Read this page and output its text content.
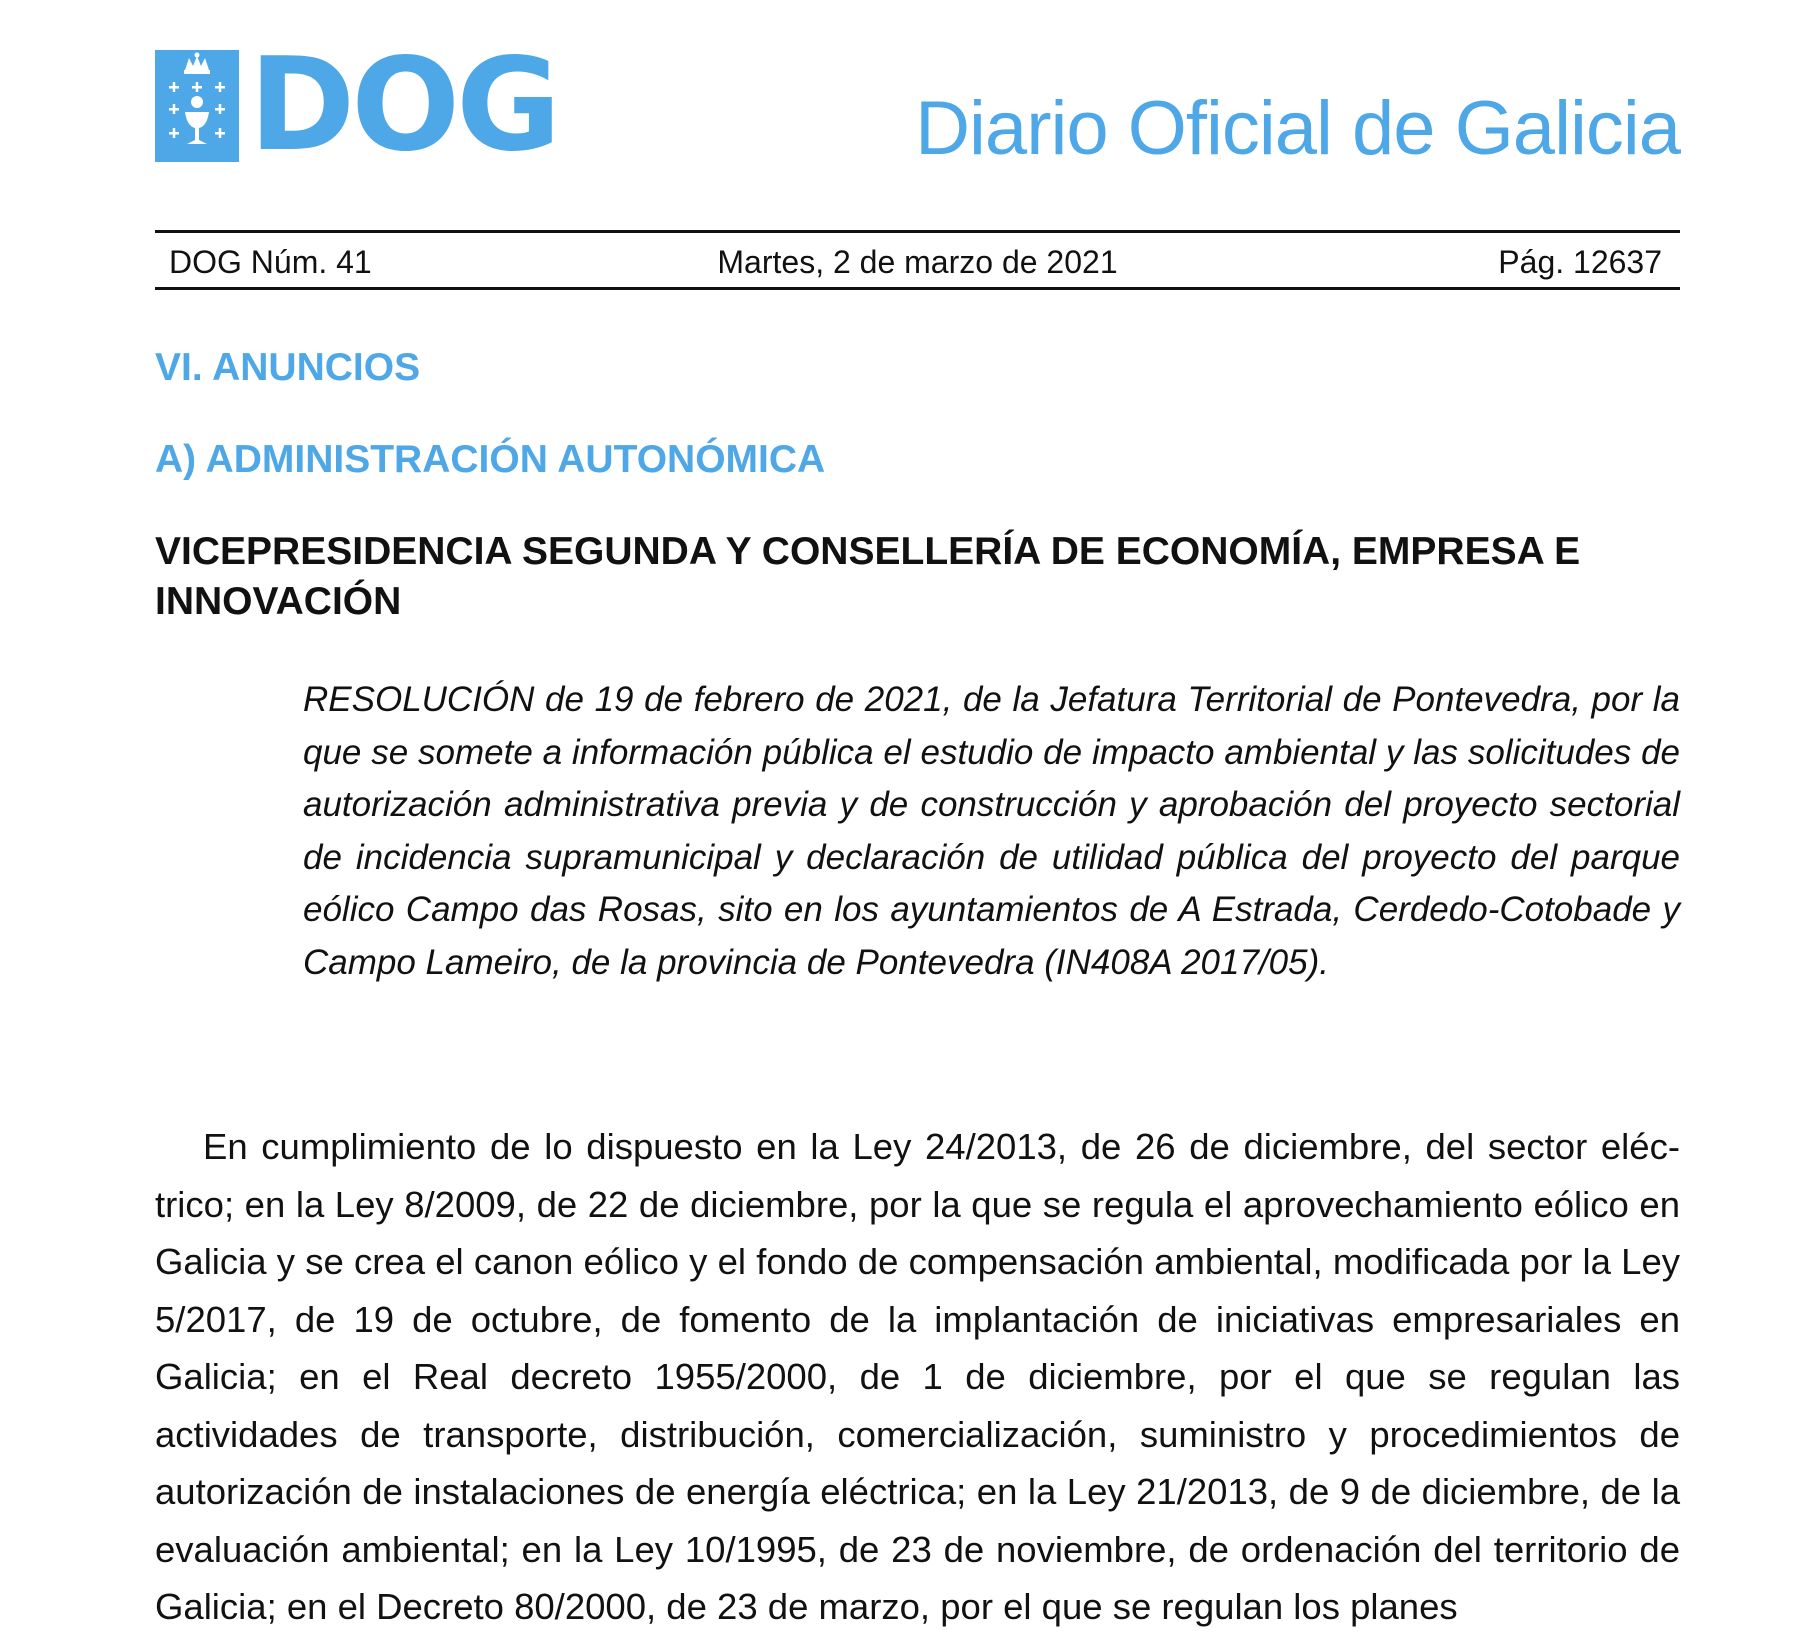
DOG	Diario Oficial de Galicia
DOG Núm. 41	Martes, 2 de marzo de 2021	Pág. 12637
VI. ANUNCIOS
A) ADMINISTRACIÓN AUTONÓMICA
VICEPRESIDENCIA SEGUNDA Y CONSELLERÍA DE ECONOMÍA, EMPRESA E INNOVACIÓN
RESOLUCIÓN de 19 de febrero de 2021, de la Jefatura Territorial de Pontevedra, por la que se somete a información pública el estudio de impacto ambiental y las solicitudes de autorización administrativa previa y de construcción y aprobación del proyecto sectorial de incidencia supramunicipal y declaración de utilidad pública del proyecto del parque eólico Campo das Rosas, sito en los ayuntamientos de A Estrada, Cerdedo-Cotobade y Campo Lameiro, de la provincia de Pontevedra (IN408A 2017/05).
En cumplimiento de lo dispuesto en la Ley 24/2013, de 26 de diciembre, del sector eléctrico; en la Ley 8/2009, de 22 de diciembre, por la que se regula el aprovechamiento eólico en Galicia y se crea el canon eólico y el fondo de compensación ambiental, modificada por la Ley 5/2017, de 19 de octubre, de fomento de la implantación de iniciativas empresariales en Galicia; en el Real decreto 1955/2000, de 1 de diciembre, por el que se regulan las actividades de transporte, distribución, comercialización, suministro y procedimientos de autorización de instalaciones de energía eléctrica; en la Ley 21/2013, de 9 de diciembre, de la evaluación ambiental; en la Ley 10/1995, de 23 de noviembre, de ordenación del territorio de Galicia; en el Decreto 80/2000, de 23 de marzo, por el que se regulan los planes
